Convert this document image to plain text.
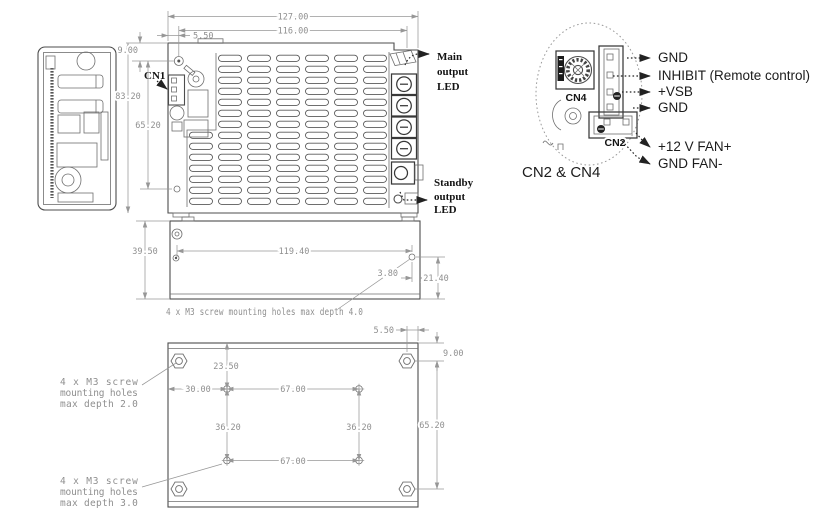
CN1
Main
output
LED
Standby
output
LED
127.00
116.00
5.50
9.00
83.20
65.20
119.40
39.50
3.80	21.40
4 x M3 screw mounting holes max depth 4.0
5.50
9.00
65.20
23.50
30.00	67.00
36.20	36.20
67.00
4 x M3 screw
mounting holes
max depth 2.0
4 x M3 screw
mounting holes
max depth 3.0
CN4
CN2
GND
INHIBIT (Remote control)
+VSB
GND
+12 V FAN+
GND FAN-
CN2 & CN4
